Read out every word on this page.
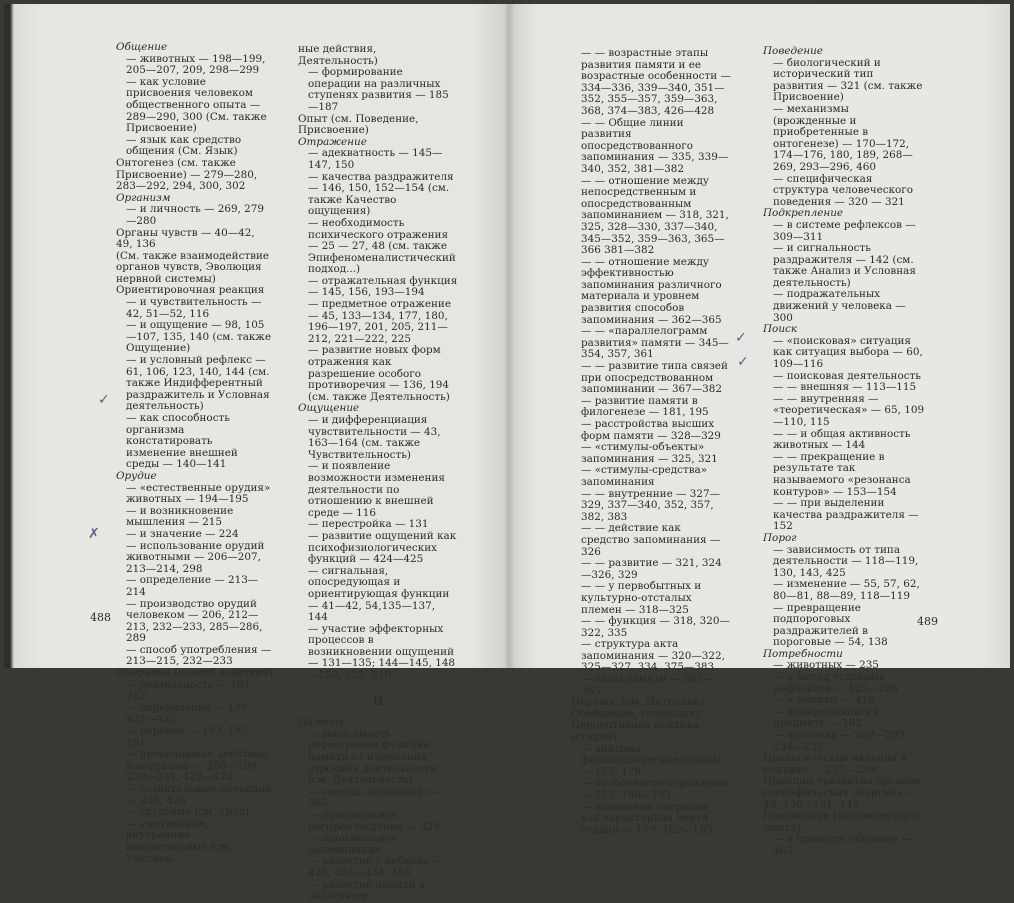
Общение

— животных — 198—199, 205—207, 209, 298—299

— как условие присвоения человеком общественного опыта — 289—290, 300 (См. также Присвоение)

— язык как средство общения (См. Язык)

Онтогенез (см. также Присвоение) — 279—280, 283—292, 294, 300, 302

Организм

— и личность — 269, 279—280

Органы чувств — 40—42, 49, 136

(См. также взаимодействие органов чувств, Эволюция нервной системы)

Ориентировочная реакция

— и чувствительность — 42, 51—52, 116

— и ощущение — 98, 105—107, 135, 140 (см. также Ощущение)

— и условный рефлекс — 61, 106, 123, 140, 144 (см. также Индифферентный раздражитель и Условная деятельность)

— как способность организма констатировать изменение внешней среды — 140—141

Орудие

— «естественные орудия» животных — 194—195

— и возникновение мышления — 215

— и значение — 224

— использование орудий животными — 206—207, 213—214, 298

— определение — 213—214

— производство орудий человеком — 206, 212—213, 232—233, 285—286, 289

— способ употребления — 213—215, 232—233

Операция (способ действия)

— деятельность — 191, 212

— определение — 177, 421—422

— перенос — 183, 185, 191

— превращение действия в операцию — 208—209, 230—231, 422—423

— сознательные операции — 233, 426

— трудовые (см. Труд)

— умственные, внутренние мыслительные (см. Умствен-

ные действия, Деятельность)

— формирование операции на различных ступенях развития — 185—187

Опыт (см. Поведение, Присвоение)

Отражение

— адекватность — 145—147, 150

— качества раздражителя — 146, 150, 152—154 (см. также Качество ощущения)

— необходимость психического отражения — 25 — 27, 48 (см. также Эпифеноменалистический подход...)

— отражательная функция — 145, 156, 193—194

— предметное отражение — 45, 133—134, 177, 180, 196—197, 201, 205, 211—212, 221—222, 225

— развитие новых форм отражения как разрешение особого противоречия — 136, 194 (см. также Деятельность)

Ощущение

— и дифференциация чувствительности — 43, 163—164 (см. также Чувствительность)

— и появление возможности изменения деятельности по отношению к внешней среде — 116

— перестройка — 131

— развитие ощущений как психофизиологических функций — 424—425

— сигнальная, опосредующая и ориентирующая функции — 41—42, 54,135—137, 144

— участие эффекторных процессов в возникновении ощущений — 131—135; 144—145, 148—150, 155, 310

П

Память

— зависимость перестройки функции памяти от изменения строения деятельности (см. Деятельность)

— «метод попаданий» — 365

— произвольное воспроизведение — 329

— произвольное запоминание

— развитие у ребенка — 428, 433—434, 455

— развитие памяти в онтогенезе

488
✓
✗

— — возрастные этапы развития памяти и ее возрастные особенности — 334—336, 339—340, 351—352, 355—357, 359—363, 368, 374—383, 426—428

— — Общие линии развития опосредствованного запоминания — 335, 339—340, 352, 381—382

— — отношение между непосредственным и опосредствованным запоминанием — 318, 321, 325, 328—330, 337—340, 345—352, 359—363, 365—366 381—382

— — отношение между эффективностью запоминания различного материала и уровнем развития способов запоминания — 362—365

— — «параллелограмм развития» памяти — 345—354, 357, 361

— — развитие типа связей при опосредствованном запоминании — 367—382

— развитие памяти в филогенезе — 181, 195

— расстройства высших форм памяти — 328—329

— «стимулы-объекты» запоминания — 325, 321

— «стимулы-средства» запоминания

— — внутренние — 327—329, 337—340, 352, 357, 382, 383

— — действие как средство запоминания — 326

— — развитие — 321, 324—326, 329

— — у первобытных и культурно-отсталых племен — 318—325

— — функция — 318, 320—322, 335

— структура акта запоминания — 320—322, 325—327, 334, 375—383

— типы памяти — 363—365

Перенос (см. Интеллект, Обобщение, Операция)

Перцептивная психика (стадия)

— анатомо-физиологические основы — 177, 179

— особенности отражения — 177, 180—183

— появление операций как характерная черта стадии — 179, 182—183

Поведение

— биологический и исторический тип развития — 321 (см. также Присвоение)

— механизмы (врожденные и приобретенные в онтогенезе) — 170—172, 174—176, 180, 189, 268—269, 293—296, 460

— специфическая структура человеческого поведения — 320 — 321

Подкрепление

— в системе рефлексов — 309—311

— и сигнальность раздражителя — 142 (см. также Анализ и Условная деятельность)

— подражательных движений у человека — 300

Поиск

— «поисковая» ситуация как ситуация выбора — 60, 109—116

— поисковая деятельность

— — внешняя — 113—115

— — внутренняя — «теоретическая» — 65, 109—110, 115

— — и общая активность животных — 144

— — прекращение в результате так называемого «резонанса контуров» — 153—154

— — при выделении качества раздражителя — 152

Порог

— зависимость от типа деятельности — 118—119, 130, 143, 425

— изменение — 55, 57, 62, 80—81, 88—89, 118—119

— превращение подпороговых раздражителей в пороговые — 54, 138

Потребности

— животных — 235

— и метод условных рефлексов — 125—126

— и мотивы — 418

— конкретизация в предмете — 162

— человека — 208—209, 234—235

Пралогические явления в психике — 237—239

Принцип «развития органов специфических энергий» — 49, 130—131, 145

Присвоение (человеческого опыта)

— в процессе общения — 463

489
✓
✓
